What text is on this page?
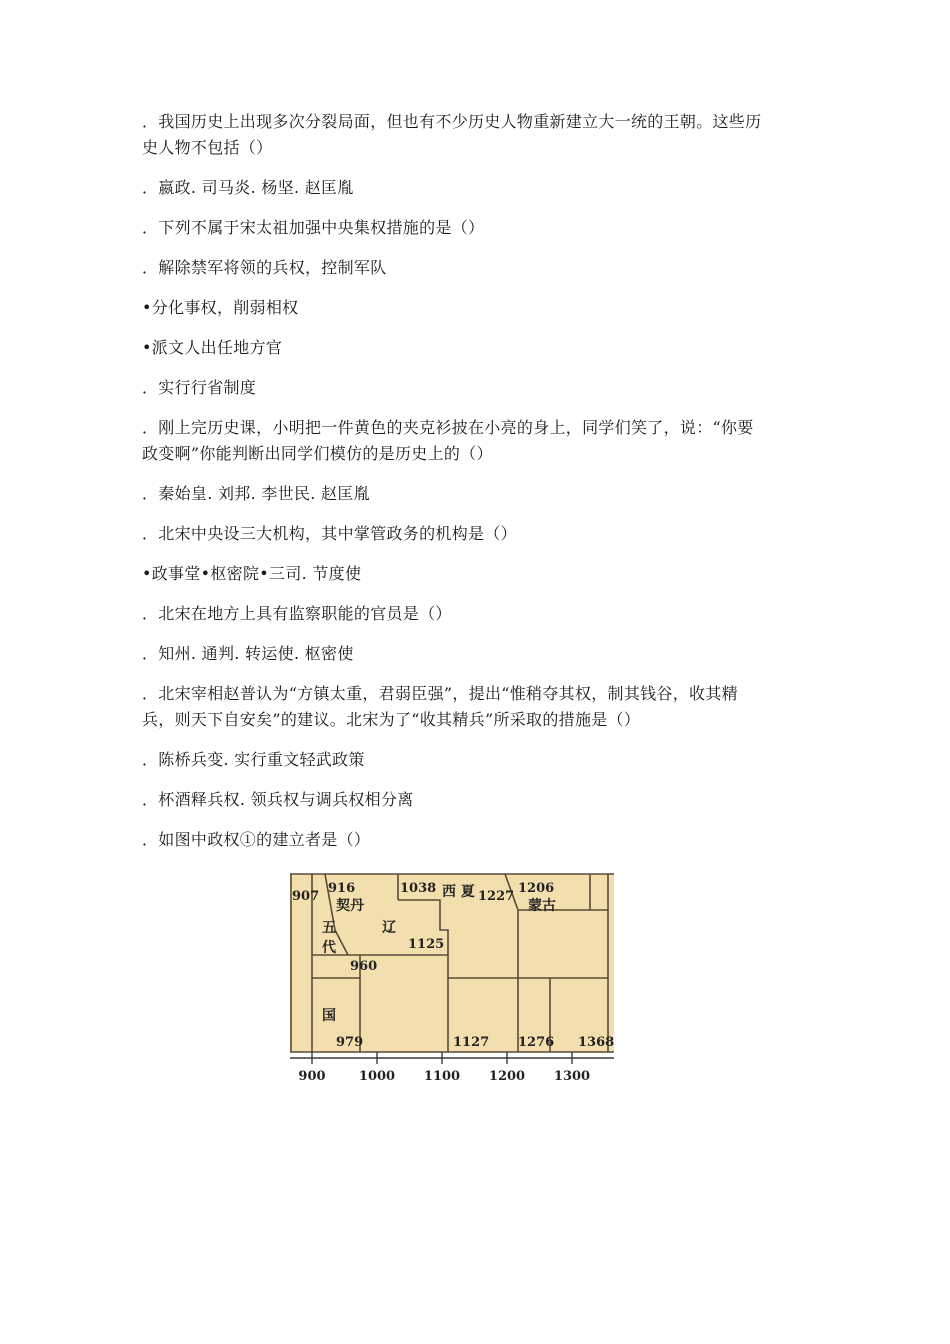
．我国历史上出现多次分裂局面，但也有不少历史人物重新建立大一统的王朝。这些历
史人物不包括（）
．嬴政. 司马炎. 杨坚. 赵匡胤
．下列不属于宋太祖加强中央集权措施的是（）
．解除禁军将领的兵权，控制军队
•分化事权，削弱相权
•派文人出任地方官
．实行行省制度
．刚上完历史课，小明把一件黄色的夹克衫披在小亮的身上，同学们笑了，说：“你要
政变啊”你能判断出同学们模仿的是历史上的（）
．秦始皇. 刘邦. 李世民. 赵匡胤
．北宋中央设三大机构，其中掌管政务的机构是（）
•政事堂•枢密院•三司. 节度使
．北宋在地方上具有监察职能的官员是（）
．知州. 通判. 转运使. 枢密使
．北宋宰相赵普认为“方镇太重，君弱臣强”，提出“惟稍夺其权，制其钱谷，收其精
兵，则天下自安矣”的建议。北宋为了“收其精兵”所采取的措施是（）
．陈桥兵变. 实行重文轻武政策
．杯酒释兵权. 领兵权与调兵权相分离
．如图中政权①的建立者是（）
907
916
契丹
1038 西 夏 1227
1206
蒙古
辽
1125
五代
960
国
979	1127 1276 1368
900	1000 1100 1200 1300
